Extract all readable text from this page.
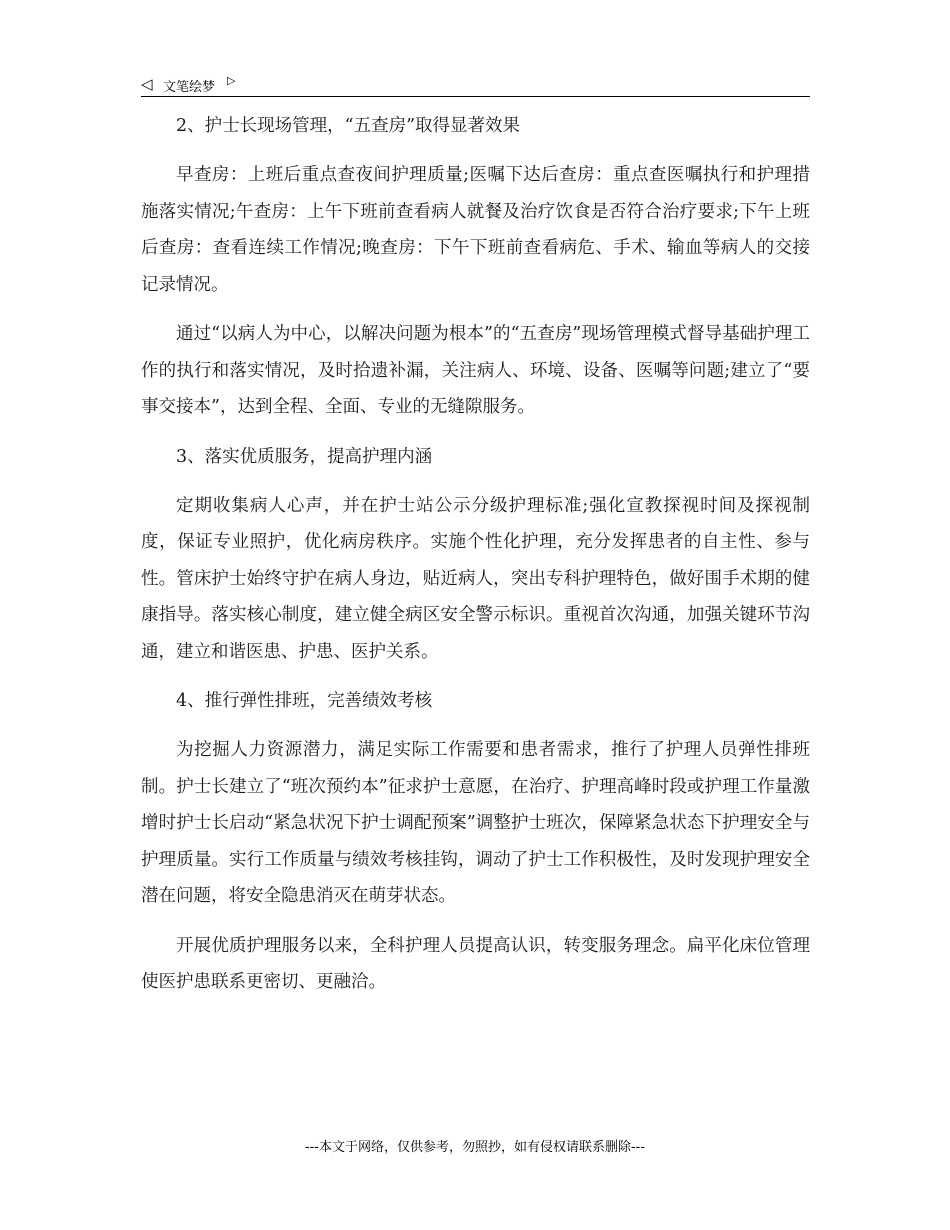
◁ 文笔绘梦 ▷

2、护士长现场管理，“五查房”取得显著效果

早查房：上班后重点查夜间护理质量;医嘱下达后查房：重点查医嘱执行和护理措施落实情况;午查房：上午下班前查看病人就餐及治疗饮食是否符合治疗要求;下午上班后查房：查看连续工作情况;晚查房：下午下班前查看病危、手术、输血等病人的交接记录情况。

通过“以病人为中心，以解决问题为根本”的“五查房”现场管理模式督导基础护理工作的执行和落实情况，及时拾遗补漏，关注病人、环境、设备、医嘱等问题;建立了“要事交接本”，达到全程、全面、专业的无缝隙服务。

3、落实优质服务，提高护理内涵

定期收集病人心声，并在护士站公示分级护理标准;强化宣教探视时间及探视制度，保证专业照护，优化病房秩序。实施个性化护理，充分发挥患者的自主性、参与性。管床护士始终守护在病人身边，贴近病人，突出专科护理特色，做好围手术期的健康指导。落实核心制度，建立健全病区安全警示标识。重视首次沟通，加强关键环节沟通，建立和谐医患、护患、医护关系。

4、推行弹性排班，完善绩效考核

为挖掘人力资源潜力，满足实际工作需要和患者需求，推行了护理人员弹性排班制。护士长建立了“班次预约本”征求护士意愿，在治疗、护理高峰时段或护理工作量激增时护士长启动“紧急状况下护士调配预案”调整护士班次，保障紧急状态下护理安全与护理质量。实行工作质量与绩效考核挂钩，调动了护士工作积极性，及时发现护理安全潜在问题，将安全隐患消灭在萌芽状态。

开展优质护理服务以来，全科护理人员提高认识，转变服务理念。扁平化床位管理使医护患联系更密切、更融洽。

---本文于网络，仅供参考，勿照抄，如有侵权请联系删除---
